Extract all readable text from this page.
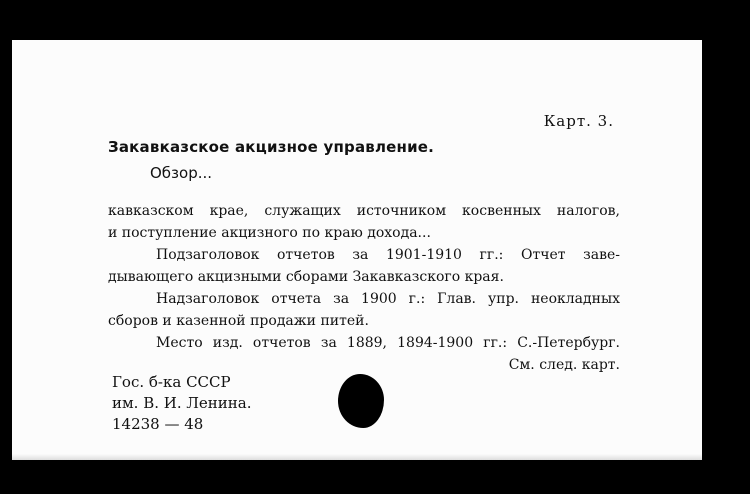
Карт. 3.
Закавказское акцизное управление.
Обзор...
кавказском крае, служащих источником косвенных налогов,
и поступление акцизного по краю дохода...
Подзаголовок отчетов за 1901-1910 гг.: Отчет заве-
дывающего акцизными сборами Закавказского края.
Надзаголовок отчета за 1900 г.: Глав. упр. неокладных
сборов и казенной продажи питей.
Место изд. отчетов за 1889, 1894-1900 гг.: С.-Петербург.
См. след. карт.
Гос. б-ка СССР
им. В. И. Ленина.
14238 — 48
